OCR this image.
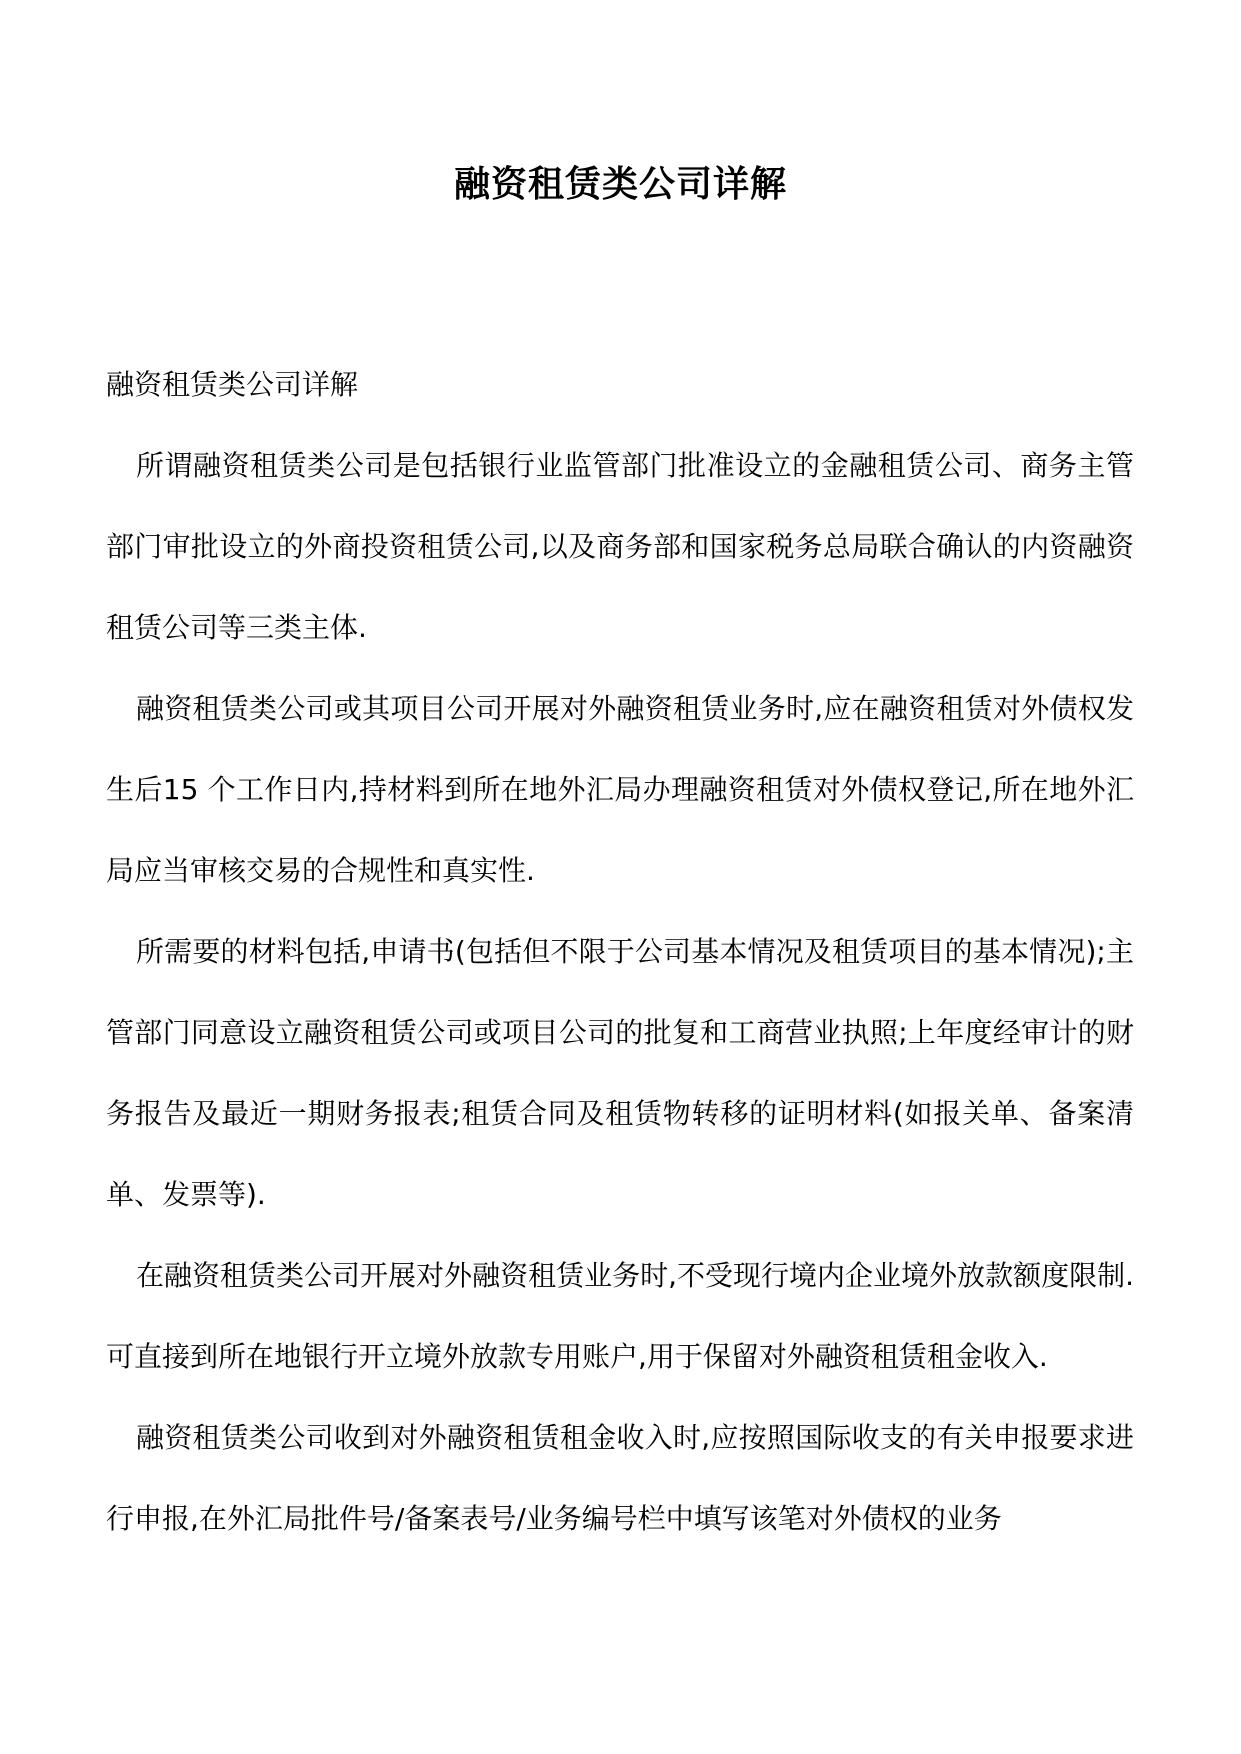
融资租赁类公司详解

融资租赁类公司详解

所谓融资租赁类公司是包括银行业监管部门批准设立的金融租赁公司、商务主管部门审批设立的外商投资租赁公司,以及商务部和国家税务总局联合确认的内资融资租赁公司等三类主体.

融资租赁类公司或其项目公司开展对外融资租赁业务时,应在融资租赁对外债权发生后15 个工作日内,持材料到所在地外汇局办理融资租赁对外债权登记,所在地外汇局应当审核交易的合规性和真实性.

所需要的材料包括,申请书(包括但不限于公司基本情况及租赁项目的基本情况);主管部门同意设立融资租赁公司或项目公司的批复和工商营业执照;上年度经审计的财务报告及最近一期财务报表;租赁合同及租赁物转移的证明材料(如报关单、备案清单、发票等).

在融资租赁类公司开展对外融资租赁业务时,不受现行境内企业境外放款额度限制.可直接到所在地银行开立境外放款专用账户,用于保留对外融资租赁租金收入.

融资租赁类公司收到对外融资租赁租金收入时,应按照国际收支的有关申报要求进行申报,在外汇局批件号/备案表号/业务编号栏中填写该笔对外债权的业务
